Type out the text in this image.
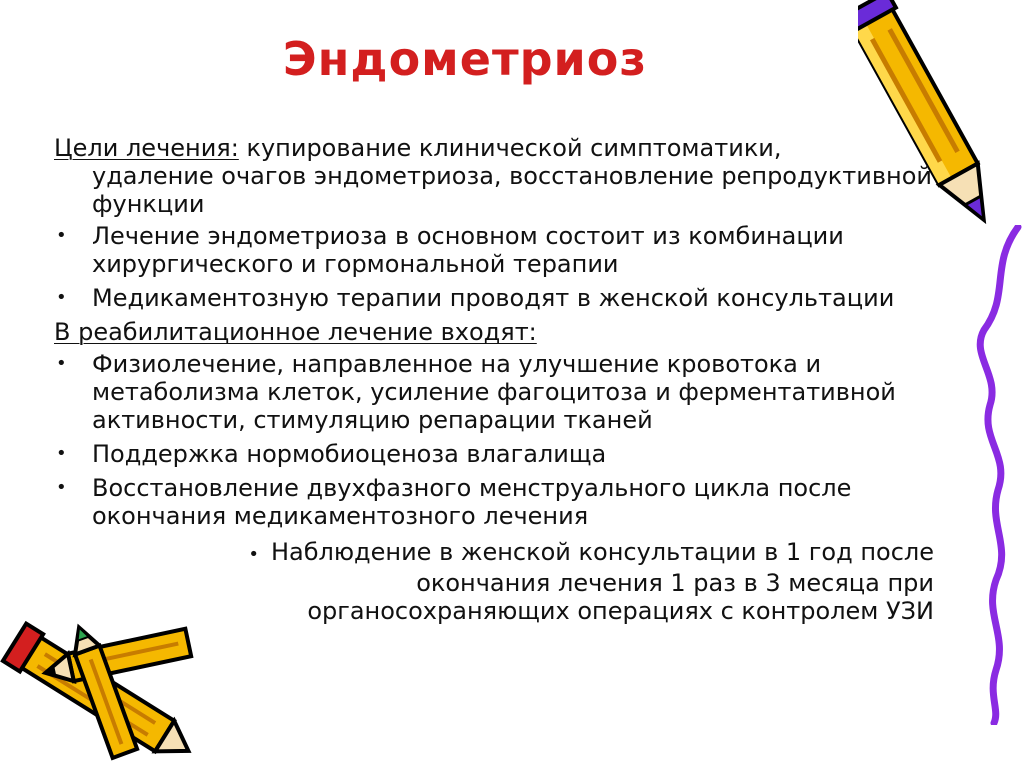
Эндометриоз

Цели лечения: купирование клинической симптоматики,
удаление очагов эндометриоза, восстановление репродуктивной функции

• Лечение эндометриоза в основном состоит из комбинации хирургического и гормональной терапии
• Медикаментозную терапии проводят в женской консультации

В реабилитационное лечение входят:

• Физиолечение, направленное на улучшение кровотока и метаболизма клеток, усиление фагоцитоза и ферментативной активности, стимуляцию репарации тканей
• Поддержка нормобиоценоза влагалища
• Восстановление двухфазного менструального цикла после окончания медикаментозного лечения
• Наблюдение в женской консультации в 1 год после окончания лечения 1 раз в 3 месяца при органосохраняющих операциях с контролем УЗИ
